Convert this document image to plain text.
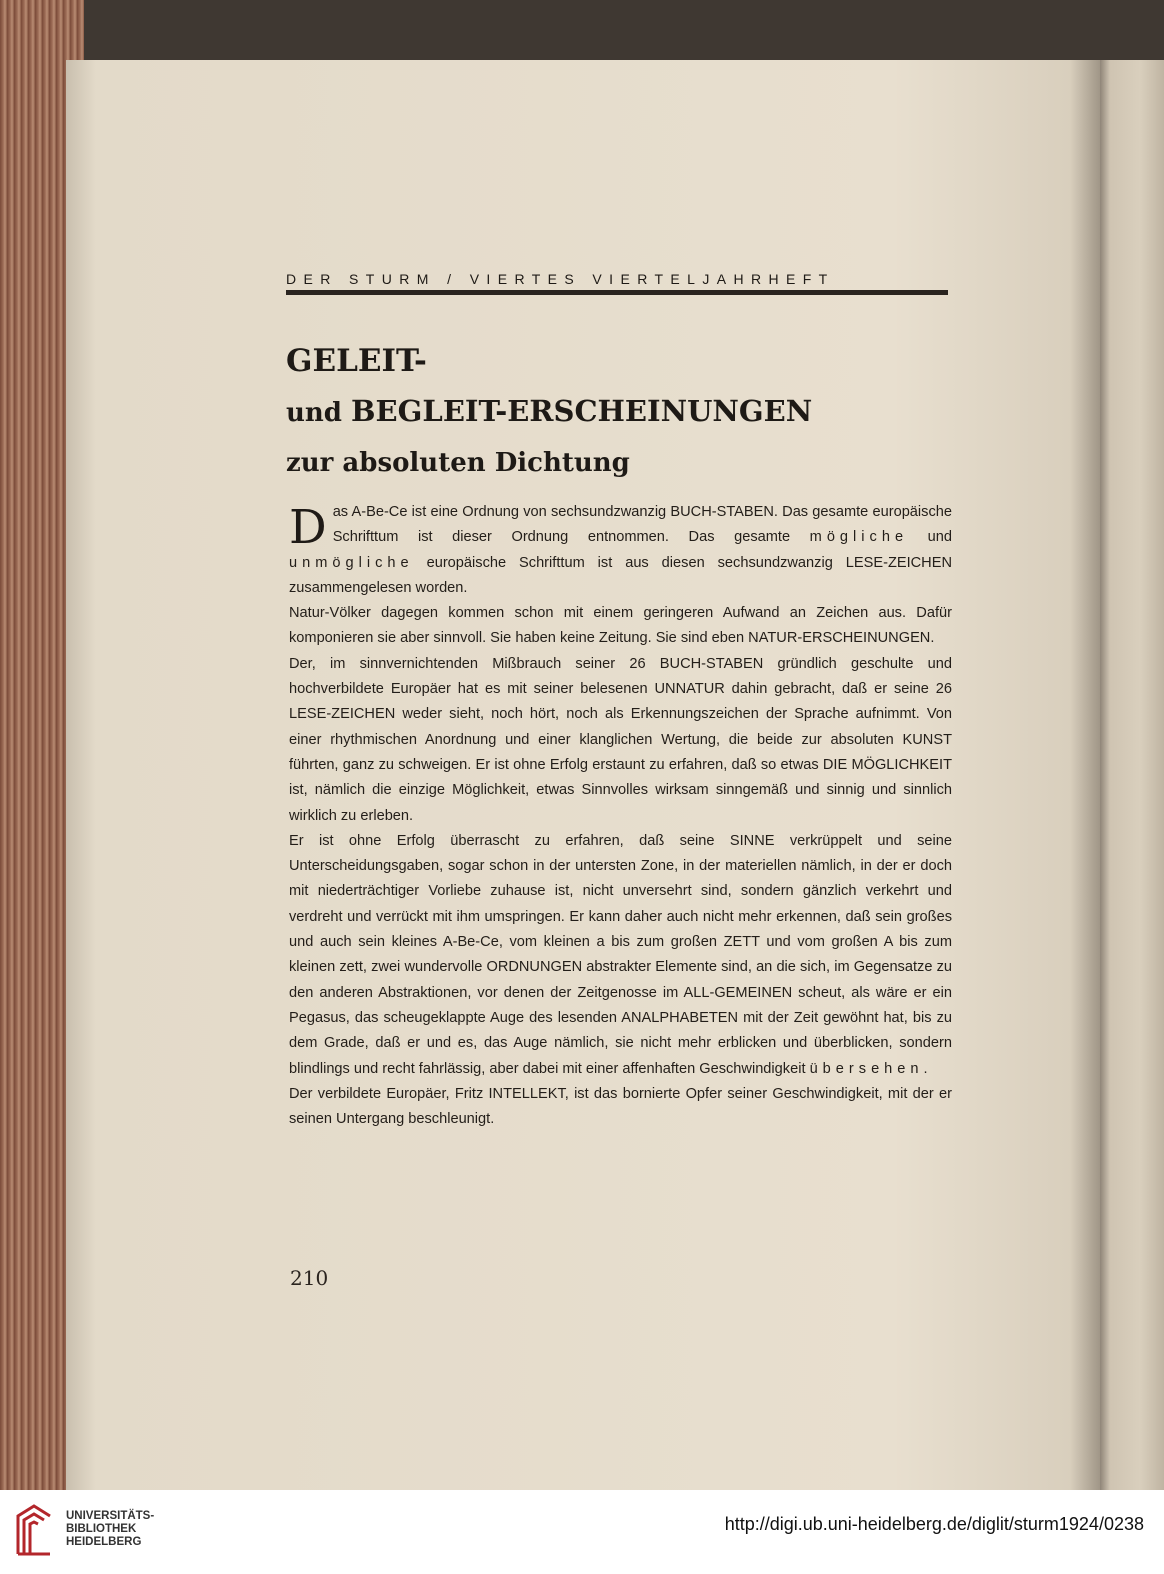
DER STURM / VIERTES VIERTELJAHRHEFT
GELEIT-
und BEGLEIT-ERSCHEINUNGEN
zur absoluten Dichtung

Das A-Be-Ce ist eine Ordnung von sechsundzwanzig BUCH-STABEN. Das gesamte europäische Schrifttum ist dieser Ordnung entnommen. Das gesamte mögliche und unmögliche europäische Schrifttum ist aus diesen sechsundzwanzig LESE-ZEICHEN zusammengelesen worden.

Natur-Völker dagegen kommen schon mit einem geringeren Aufwand an Zeichen aus. Dafür komponieren sie aber sinnvoll. Sie haben keine Zeitung. Sie sind eben NATUR-ERSCHEINUNGEN.

Der, im sinnvernichtenden Mißbrauch seiner 26 BUCH-STABEN gründlich geschulte und hochverbildete Europäer hat es mit seiner belesenen UNNATUR dahin gebracht, daß er seine 26 LESE-ZEICHEN weder sieht, noch hört, noch als Erkennungszeichen der Sprache aufnimmt. Von einer rhythmischen Anordnung und einer klanglichen Wertung, die beide zur absoluten KUNST führten, ganz zu schweigen. Er ist ohne Erfolg erstaunt zu erfahren, daß so etwas DIE MÖGLICHKEIT ist, nämlich die einzige Möglichkeit, etwas Sinnvolles wirksam sinngemäß und sinnig und sinnlich wirklich zu erleben.

Er ist ohne Erfolg überrascht zu erfahren, daß seine SINNE verkrüppelt und seine Unterscheidungsgaben, sogar schon in der untersten Zone, in der materiellen nämlich, in der er doch mit niederträchtiger Vorliebe zuhause ist, nicht unversehrt sind, sondern gänzlich verkehrt und verdreht und verrückt mit ihm umspringen. Er kann daher auch nicht mehr erkennen, daß sein großes und auch sein kleines A-Be-Ce, vom kleinen a bis zum großen ZETT und vom großen A bis zum kleinen zett, zwei wundervolle ORDNUNGEN abstrakter Elemente sind, an die sich, im Gegensatze zu den anderen Abstraktionen, vor denen der Zeitgenosse im ALL-GEMEINEN scheut, als wäre er ein Pegasus, das scheugeklappte Auge des lesenden ANALPHABETEN mit der Zeit gewöhnt hat, bis zu dem Grade, daß er und es, das Auge nämlich, sie nicht mehr erblicken und überblicken, sondern blindlings und recht fahrlässig, aber dabei mit einer affenhaften Geschwindigkeit übersehen.

Der verbildete Europäer, Fritz INTELLEKT, ist das bornierte Opfer seiner Geschwindigkeit, mit der er seinen Untergang beschleunigt.

210
UNIVERSITÄTS-
BIBLIOTHEK
HEIDELBERG
http://digi.ub.uni-heidelberg.de/diglit/sturm1924/0238
